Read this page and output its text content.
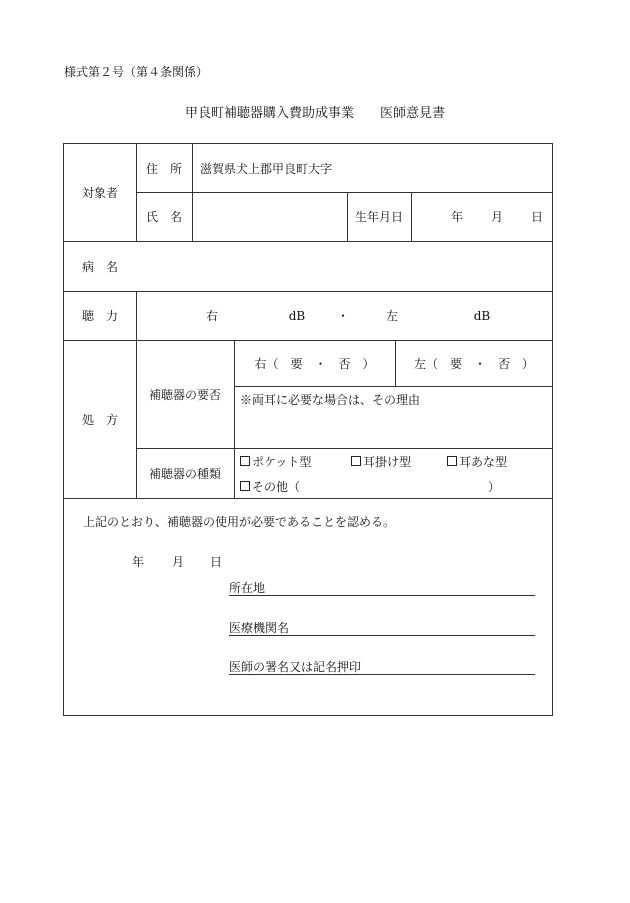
様式第２号（第４条関係）
甲良町補聴器購入費助成事業 医師意見書
対象者
住 所 滋賀県犬上郡甲良町大字
氏 名	生年月日	年 月 日
病 名
聴 力	右	dB	・	左	dB
処 方
補聴器の要否
右（　要　・　否　）	左（　要　・　否　）
※両耳に必要な場合は、その理由
補聴器の種類
ポケット型	耳掛け型	耳あな型
その他（	）
上記のとおり、補聴器の使用が必要であることを認める。
年 月 日
所在地
医療機関名
医師の署名又は記名押印
